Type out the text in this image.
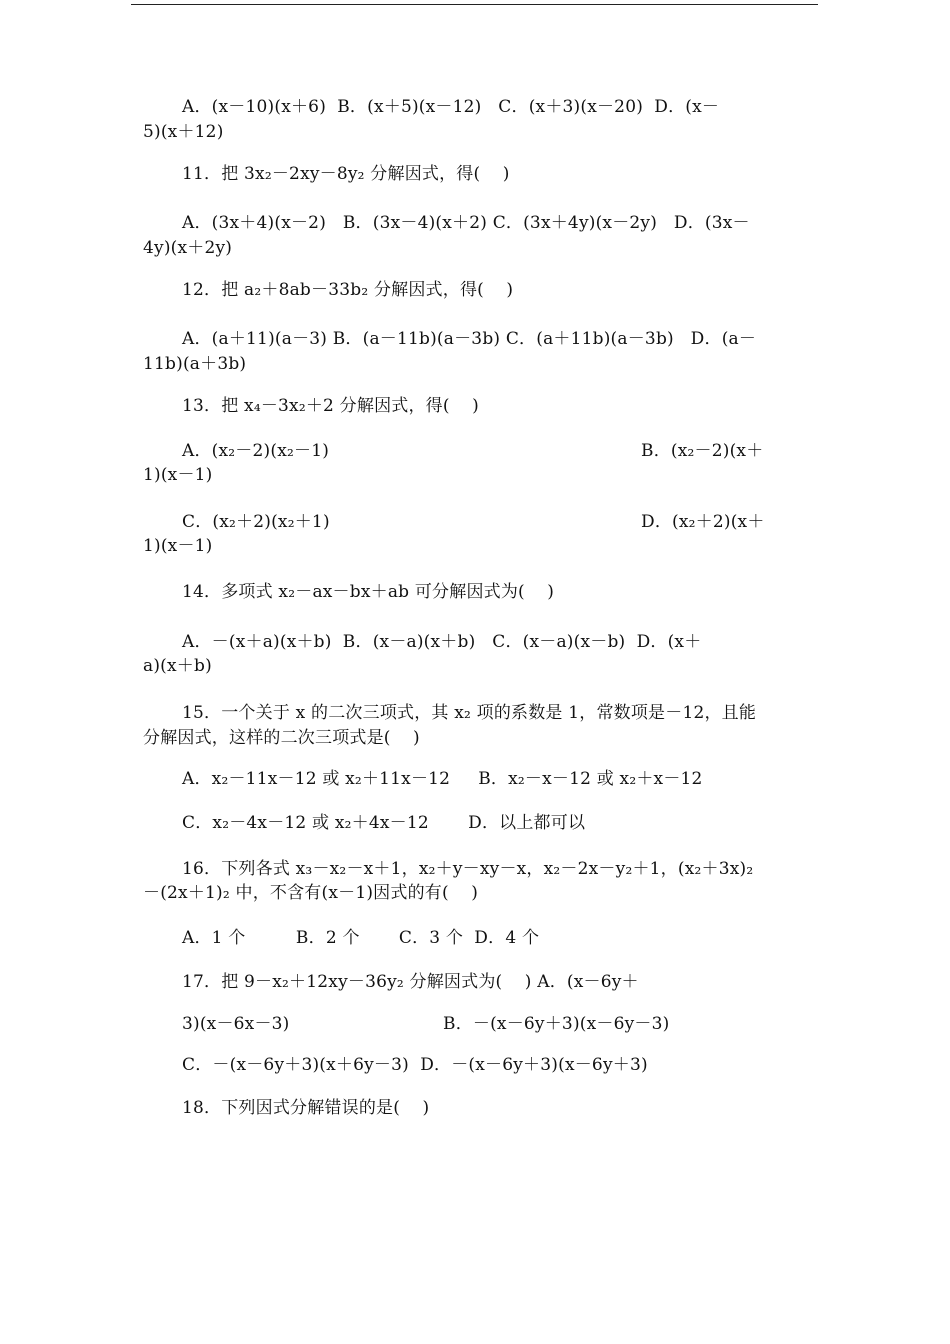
A．(x－10)(x＋6)  B．(x＋5)(x－12)   C．(x＋3)(x－20)  D．(x－
5)(x＋12)
11．把 3x₂－2xy－8y₂ 分解因式，得(    )
A．(3x＋4)(x－2)   B．(3x－4)(x＋2) C．(3x＋4y)(x－2y)   D．(3x－
4y)(x＋2y)
12．把 a₂＋8ab－33b₂ 分解因式，得(    )
A．(a＋11)(a－3) B．(a－11b)(a－3b) C．(a＋11b)(a－3b)   D．(a－
11b)(a＋3b)
13．把 x₄－3x₂＋2 分解因式，得(    )
A．(x₂－2)(x₂－1)	B．(x₂－2)(x＋
1)(x－1)
C．(x₂＋2)(x₂＋1)	D．(x₂＋2)(x＋
1)(x－1)
14．多项式 x₂－ax－bx＋ab 可分解因式为(    )
A．－(x＋a)(x＋b)  B．(x－a)(x＋b)   C．(x－a)(x－b)  D．(x＋
a)(x＋b)
15．一个关于 x 的二次三项式，其 x₂ 项的系数是 1，常数项是－12，且能
分解因式，这样的二次三项式是(    )
A．x₂－11x－12 或 x₂＋11x－12     B．x₂－x－12 或 x₂＋x－12
C．x₂－4x－12 或 x₂＋4x－12       D．以上都可以
16．下列各式 x₃－x₂－x＋1，x₂＋y－xy－x，x₂－2x－y₂＋1，(x₂＋3x)₂
－(2x＋1)₂ 中，不含有(x－1)因式的有(    )
A．1 个         B．2 个       C．3 个  D．4 个
17．把 9－x₂＋12xy－36y₂ 分解因式为(    ) A．(x－6y＋
3)(x－6x－3)	B．－(x－6y＋3)(x－6y－3)
C．－(x－6y＋3)(x＋6y－3)  D．－(x－6y＋3)(x－6y＋3)
18．下列因式分解错误的是(    )
